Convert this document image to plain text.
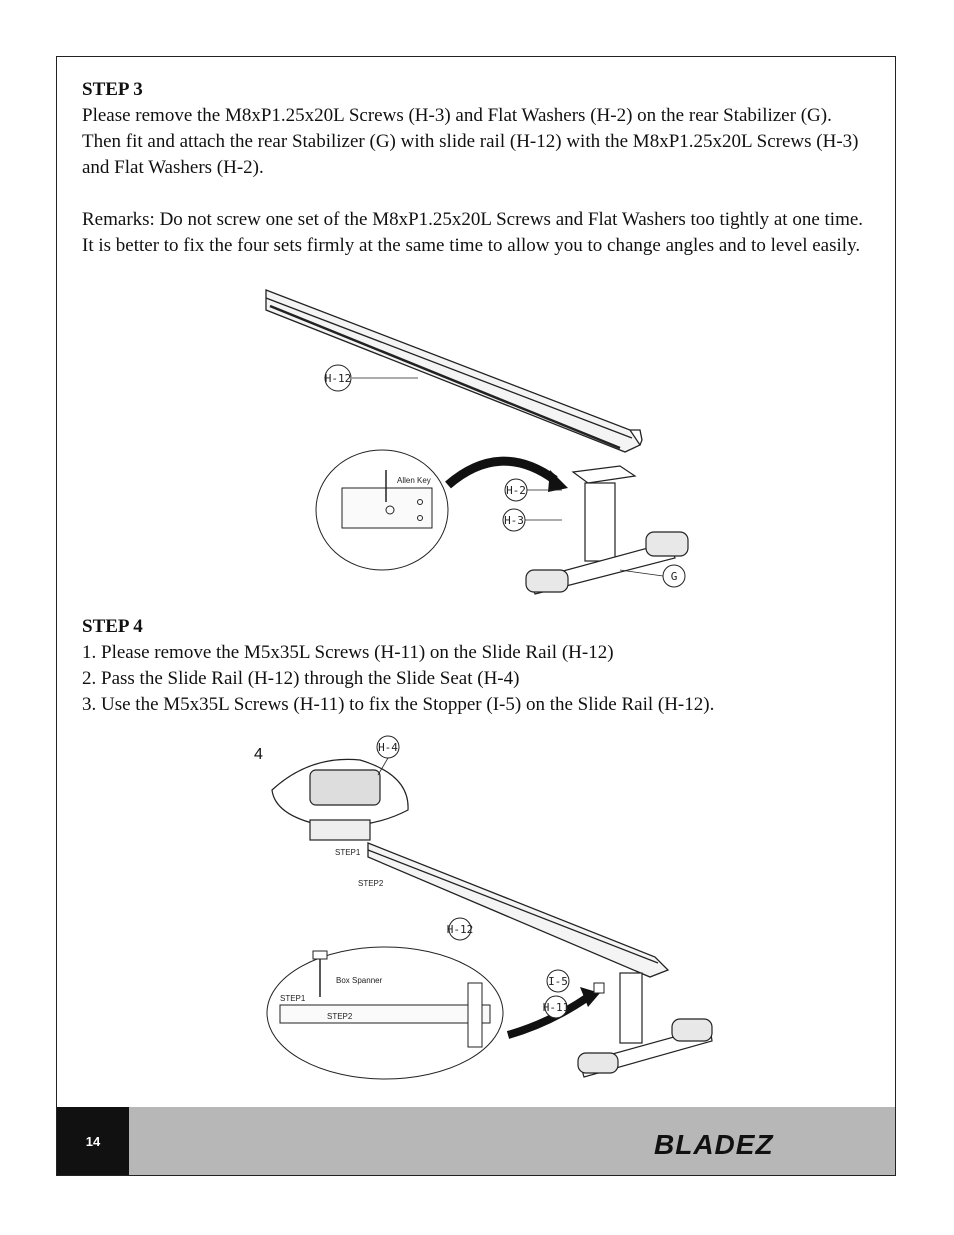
STEP 3
Please remove the M8xP1.25x20L Screws (H-3) and Flat Washers (H-2) on the rear Stabilizer (G). Then fit and attach the rear Stabilizer (G) with slide rail (H-12) with the M8xP1.25x20L Screws (H-3) and Flat Washers (H-2).
Remarks: Do not screw one set of the M8xP1.25x20L Screws and Flat Washers too tightly at one time. It is better to fix the four sets firmly at the same time to allow you to change angles and to level easily.
H-12
Allen Key
H-2
H-3
G
STEP 4
1. Please remove the M5x35L Screws (H-11) on the Slide Rail (H-12)
2. Pass the Slide Rail (H-12) through the Slide Seat (H-4)
3. Use the M5x35L Screws (H-11) to fix the Stopper (I-5) on the Slide Rail (H-12).
4	H-4
STEP1
STEP2
H-12
Box Spanner
STEP1
STEP2
I-5
H-11
14	BLADEZ
